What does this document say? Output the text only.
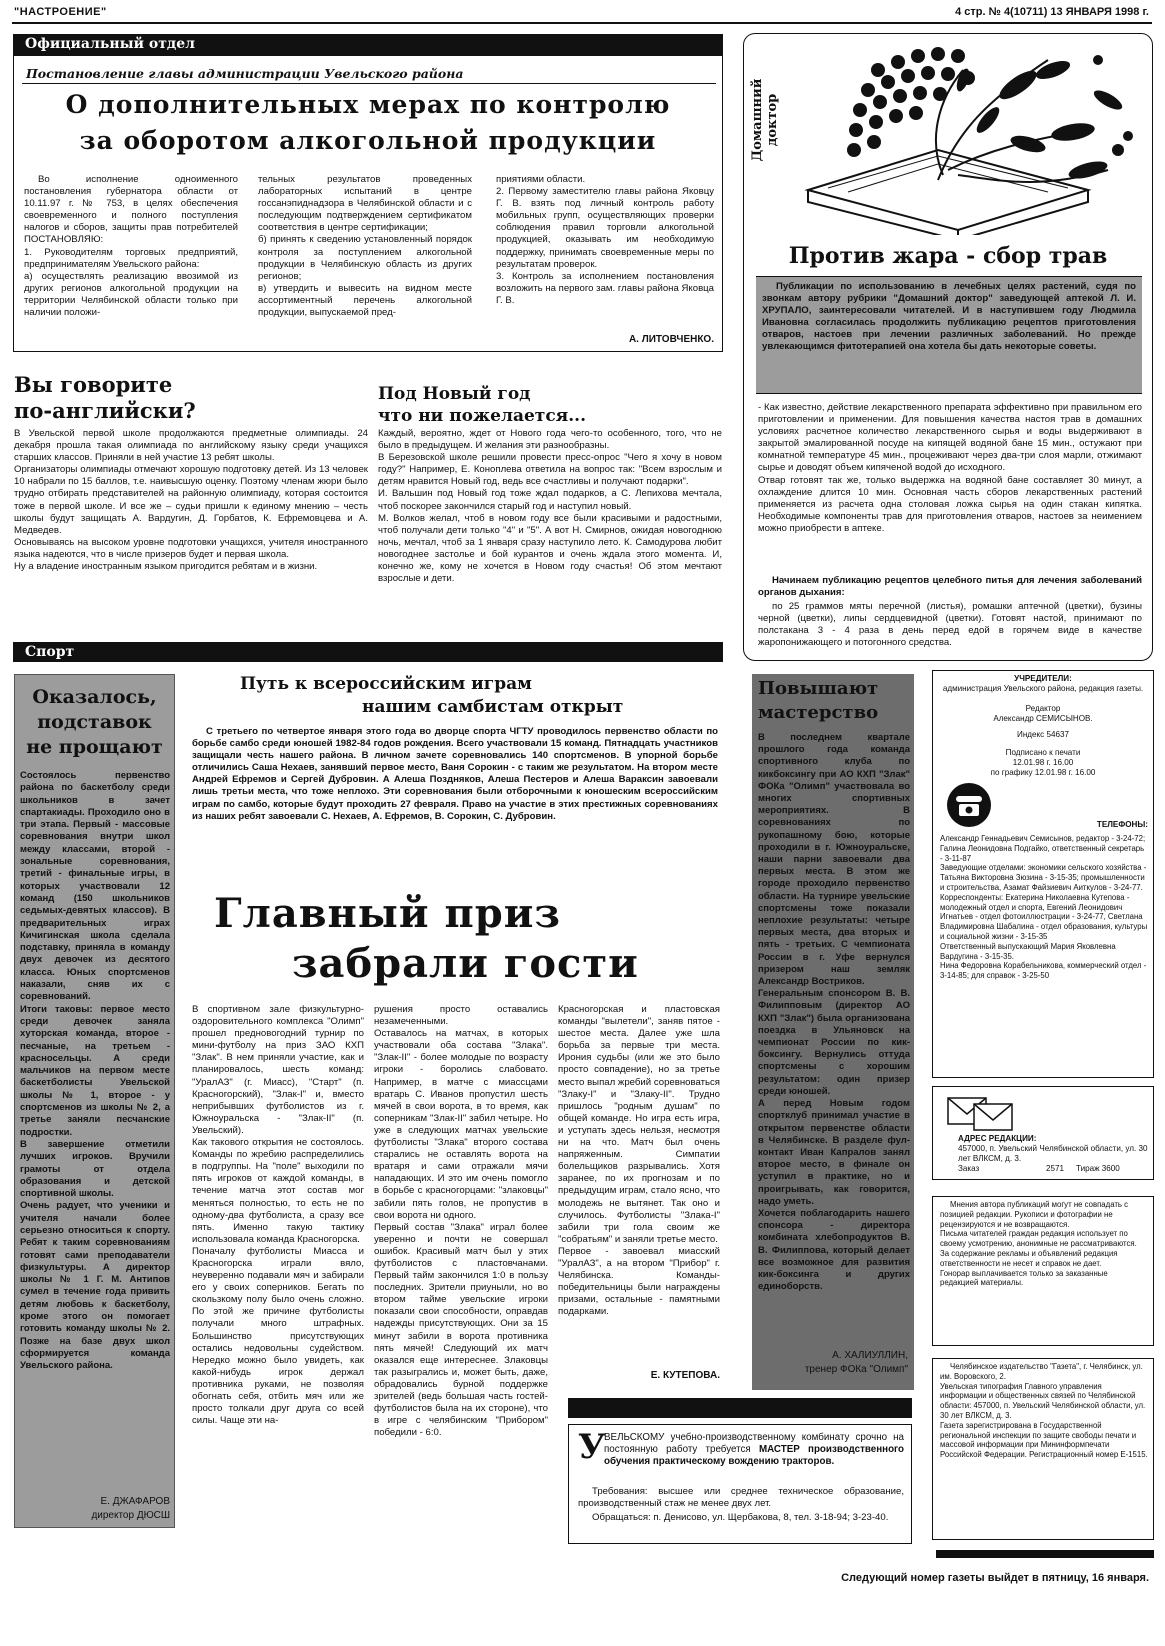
"НАСТРОЕНИЕ"	4 стр. № 4(10711) 13 ЯНВАРЯ 1998 г.
Официальный отдел
Постановление главы администрации Увельского района
О дополнительных мерах по контролю
за оборотом алкогольной продукции
Во исполнение одноименного постановления губернатора области от 10.11.97 г. № 753, в целях обеспечения своевременного и полного поступления налогов и сборов, защиты прав потребителей ПОСТАНОВЛЯЮ:
1. Руководителям торговых предприятий, предпринимателям Увельского района:
а) осуществлять реализацию ввозимой из других регионов алкогольной продукции на территории Челябинской области только при наличии положи-
тельных результатов проведенных лабораторных испытаний в центре госсанэпиднадзора в Челябинской области и с последующим подтверждением сертификатом соответствия в центре сертификации;
б) принять к сведению установленный порядок контроля за поступлением алкогольной продукции в Челябинскую область из других регионов;
в) утвердить и вывесить на видном месте ассортиментный перечень алкогольной продукции, выпускаемой пред-
приятиями области.
2. Первому заместителю главы района Яковцу Г. В. взять под личный контроль работу мобильных групп, осуществляющих проверки соблюдения правил торговли алкогольной продукцией, оказывать им необходимую поддержку, принимать своевременные меры по результатам проверок.
3. Контроль за исполнением постановления возложить на первого зам. главы района Яковца Г. В.
А. ЛИТОВЧЕНКО.
Вы говорите
по-английски?
В Увельской первой школе продолжаются предметные олимпиады. 24 декабря прошла такая олимпиада по английскому языку среди учащихся старших классов. Приняли в ней участие 13 ребят школы.
Организаторы олимпиады отмечают хорошую подготовку детей. Из 13 человек 10 набрали по 15 баллов, т.е. наивысшую оценку. Поэтому членам жюри было трудно отбирать представителей на районную олимпиаду, которая состоится тоже в первой школе. И все же – судьи пришли к единому мнению – честь школы будут защищать А. Вардугин, Д. Горбатов, К. Ефремовцева и А. Медведев.
Основываясь на высоком уровне подготовки учащихся, учителя иностранного языка надеются, что в числе призеров будет и первая школа.
Ну а владение иностранным языком пригодится ребятам и в жизни.
Под Новый год
что ни пожелается...
Каждый, вероятно, ждет от Нового года чего-то особенного, того, что не было в предыдущем. И желания эти разнообразны.
В Березовской школе решили провести пресс-опрос "Чего я хочу в новом году?" Например, Е. Коноплева ответила на вопрос так: "Всем взрослым и детям нравится Новый год, ведь все счастливы и получают подарки".
И. Вальшин под Новый год тоже ждал подарков, а С. Лепихова мечтала, чтоб поскорее закончился старый год и наступил новый.
М. Волков желал, чтоб в новом году все были красивыми и радостными, чтоб получали дети только "4" и "5". А вот Н. Смирнов, ожидая новогоднюю ночь, мечтал, чтоб за 1 января сразу наступило лето. К. Самодурова любит новогоднее застолье и бой курантов и очень ждала этого момента. И, конечно же, кому не хочется в Новом году счастья! Об этом мечтают взрослые и дети.
Домашний доктор
Против жара - сбор трав
Публикации по использованию в лечебных целях растений, судя по звонкам автору рубрики "Домашний доктор" заведующей аптекой Л. И. ХРУПАЛО, заинтересовали читателей. И в наступившем году Людмила Ивановна согласилась продолжить публикацию рецептов приготовления отваров, настоев при лечении различных заболеваний. Но прежде увлекающимся фитотерапией она хотела бы дать некоторые советы.
- Как известно, действие лекарственного препарата эффективно при правильном его приготовлении и применении. Для повышения качества настоя трав в домашних условиях расчетное количество лекарственного сырья и воды выдерживают в закрытой эмалированной посуде на кипящей водяной бане 15 мин., остужают при комнатной температуре 45 мин., процеживают через два-три слоя марли, отжимают сырье и доводят объем кипяченой водой до исходного.
Отвар готовят так же, только выдержка на водяной бане составляет 30 минут, а охлаждение длится 10 мин. Основная часть сборов лекарственных растений применяется из расчета одна столовая ложка сырья на один стакан кипятка. Необходимые компоненты трав для приготовления отваров, настоев за неимением можно приобрести в аптеке.
Начинаем публикацию рецептов целебного питья для лечения заболеваний органов дыхания:
по 25 граммов мяты перечной (листья), ромашки аптечной (цветки), бузины черной (цветки), липы сердцевидной (цветки). Готовят настой, принимают по полстакана 3 - 4 раза в день перед едой в горячем виде в качестве жаропонижающего и потогонного средства.
Спорт
Оказалось,
подставок
не прощают
Состоялось первенство района по баскетболу среди школьников в зачет спартакиады. Проходило оно в три этапа. Первый - массовые соревнования внутри школ между классами, второй - зональные соревнования, третий - финальные игры, в которых участвовали 12 команд (150 школьников седьмых-девятых классов). В предварительных играх Кичигинская школа сделала подставку, приняла в команду двух девочек из десятого класса. Юных спортсменов наказали, сняв их с соревнований.
Итоги таковы: первое место среди девочек заняла хуторская команда, второе - песчаные, на третьем - красносельцы. А среди мальчиков на первом месте баскетболисты Увельской школы № 1, второе - у спортсменов из школы № 2, а третье заняли песчанские подростки.
В завершение отметили лучших игроков. Вручили грамоты от отдела образования и детской спортивной школы.
Очень радует, что ученики и учителя начали более серьезно относиться к спорту. Ребят к таким соревнованиям готовят сами преподаватели физкультуры. А директор школы № 1 Г. М. Антипов сумел в течение года привить детям любовь к баскетболу, кроме этого он помогает готовить команду школы № 2. Позже на базе двух школ сформируется команда Увельского района.
Е. ДЖАФАРОВ
директор ДЮСШ
Путь к всероссийским играм
нашим самбистам открыт
С третьего по четвертое января этого года во дворце спорта ЧГТУ проводилось первенство области по борьбе самбо среди юношей 1982-84 годов рождения. Всего участвовали 15 команд. Пятнадцать участников защищали честь нашего района. В личном зачете соревновались 140 спортсменов. В упорной борьбе отличились Саша Нехаев, занявший первое место, Ваня Сорокин - с таким же результатом. На втором месте Андрей Ефремов и Сергей Дубровин. А Алеша Поздняков, Алеша Пестеров и Алеша Вараксин завоевали лишь третьи места, что тоже неплохо. Эти соревнования были отборочными к юношеским всероссийским играм по самбо, которые будут проходить 27 февраля. Право на участие в этих престижных соревнованиях из наших ребят завоевали С. Нехаев, А. Ефремов, В. Сорокин, С. Дубровин.
Главный приз
забрали гости
В спортивном зале физкультурно-оздоровительного комплекса "Олимп" прошел предновогодний турнир по мини-футболу на приз ЗАО КХП "Злак". В нем приняли участие, как и планировалось, шесть команд: "УралАЗ" (г. Миасс), "Старт" (п. Красногорский), "Злак-I" и, вместо неприбывших футболистов из г. Южноуральска - "Злак-II" (п. Увельский).
Как такового открытия не состоялось. Команды по жребию распределились в подгруппы. На "поле" выходили по пять игроков от каждой команды, в течение матча этот состав мог меняться полностью, то есть не по одному-два футболиста, а сразу все пять. Именно такую тактику использовала команда Красногорска.
Поначалу футболисты Миасса и Красногорска играли вяло, неуверенно подавали мяч и забирали его у своих соперников. Бегать по скользкому полу было очень сложно. По этой же причине футболисты получали много штрафных. Большинство присутствующих остались недовольны судейством. Нередко можно было увидеть, как какой-нибудь игрок держал противника руками, не позволяя обогнать себя, отбить мяч или же просто толкали друг друга со всей силы. Чаще эти на-
рушения просто оставались незамеченными.
Оставалось на матчах, в которых участвовали оба состава "Злака". "Злак-II" - более молодые по возрасту игроки - боролись слабовато. Например, в матче с миассцами вратарь С. Иванов пропустил шесть мячей в свои ворота, в то время, как соперникам "Злак-II" забил четыре. Но уже в следующих матчах увельские футболисты "Злака" второго состава старались не оставлять ворота на вратаря и сами отражали мячи нападающих. И это им очень помогло в борьбе с красногорцами: "злаковцы" забили пять голов, не пропустив в свои ворота ни одного.
Первый состав "Злака" играл более уверенно и почти не совершал ошибок. Красивый матч был у этих футболистов с пластовчанами. Первый тайм закончился 1:0 в пользу последних. Зрители приуныли, но во втором тайме увельские игроки показали свои способности, оправдав надежды присутствующих. Они за 15 минут забили в ворота противника пять мячей! Следующий их матч оказался еще интереснее. Злаковцы так разыгрались и, может быть, даже, обрадовались бурной поддержке зрителей (ведь большая часть гостей-футболистов была на их стороне), что в игре с челябинским "Прибором" победили - 6:0.
Красногорская и пластовская команды "вылетели", заняв пятое - шестое места. Далее уже шла борьба за первые три места. Ирония судьбы (или же это было просто совпадение), но за третье место выпал жребий соревноваться "Злаку-I" и "Злаку-II". Трудно пришлось "родным душам" по общей команде. Но игра есть игра, и уступать здесь нельзя, несмотря ни на что. Матч был очень напряженным. Симпатии болельщиков разрывались. Хотя заранее, по их прогнозам и по предыдущим играм, стало ясно, что молодежь не вытянет. Так оно и случилось. Футболисты "Злака-I" забили три гола своим же "собратьям" и заняли третье место.
Первое - завоевал миасский "УралАЗ", а на втором "Прибор" г. Челябинска. Команды-победительницы были награждены призами, остальные - памятными подарками.
Е. КУТЕПОВА.
У
ВЕЛЬСКОМУ учебно-производственному комбинату срочно на постоянную работу требуется МАСТЕР производственного обучения практическому вождению тракторов.
Требования: высшее или среднее техническое образование, производственный стаж не менее двух лет.
Обращаться: п. Денисово, ул. Щербакова, 8, тел. 3-18-94; 3-23-40.
Повышают
мастерство
В последнем квартале прошлого года команда спортивного клуба по кикбоксингу при АО КХП "Злак" ФОКа "Олимп" участвовала во многих спортивных мероприятиях. В соревнованиях по рукопашному бою, которые проходили в г. Южноуральске, наши парни завоевали два первых места. В этом же городе проходило первенство области. На турнире увельские спортсмены тоже показали неплохие результаты: четыре первых места, два вторых и пять - третьих. С чемпионата России в г. Уфе вернулся призером наш земляк Александр Востриков.
Генеральным спонсором В. В. Филипповым (директор АО КХП "Злак") была организована поездка в Ульяновск на чемпионат России по кик-боксингу. Вернулись оттуда спортсмены с хорошим результатом: один призер среди юношей.
А перед Новым годом спортклуб принимал участие в открытом первенстве области в Челябинске. В разделе фул-контакт Иван Капралов занял второе место, в финале он уступил в практике, но и проигрывать, как говорится, надо уметь.
Хочется поблагодарить нашего спонсора - директора комбината хлебопродуктов В. В. Филиппова, который делает все возможное для развития кик-боксинга и других единоборств.
А. ХАЛИУЛЛИН,
тренер ФОКа "Олимп"
УЧРЕДИТЕЛИ:
администрация Увельского района, редакция газеты.
Редактор
Александр СЕМИСЫНОВ.
Индекс 54637
Подписано к печати
12.01.98 г. 16.00
по графику 12.01.98 г. 16.00
ТЕЛЕФОНЫ:
Александр Геннадьевич Семисынов, редактор - 3-24-72; Галина Леонидовна Подгайко, ответственный секретарь - 3-11-87
Заведующие отделами: экономики сельского хозяйства - Татьяна Викторовна Зюзина - 3-15-35; промышленности и строительства, Азамат Файзиевич Аиткулов - 3-24-77.
Корреспонденты: Екатерина Николаевна Кутепова - молодежный отдел и спорта, Евгений Леонидович Игнатьев - отдел фотоиллюстрации - 3-24-77, Светлана Владимировна Шабалина - отдел образования, культуры и социальной жизни - 3-15-35
Ответственный выпускающий Мария Яковлевна Вардугина - 3-15-35.
Нина Федоровна Корабельникова, коммерческий отдел - 3-14-85; для справок - 3-25-50
АДРЕС РЕДАКЦИИ:
457000, п. Увельский Челябинской области, ул. 30 лет ВЛКСМ, д. 3.
Заказ	2571 Тираж 3600
Мнения автора публикаций могут не совпадать с позицией редакции. Рукописи и фотографии не рецензируются и не возвращаются.
Письма читателей граждан редакция использует по своему усмотрению, анонимные не рассматриваются.
За содержание рекламы и объявлений редакция ответственности не несет и справок не дает.
Гонорар выплачивается только за заказанные редакцией материалы.
Челябинское издательство "Газета", г. Челябинск, ул. им. Воровского, 2.
Увельская типография Главного управления информации и общественных связей по Челябинской области: 457000, п. Увельский Челябинской области, ул. 30 лет ВЛКСМ, д. 3.
Газета зарегистрирована в Государственной региональной инспекции по защите свободы печати и массовой информации при Мининформпечати Российской Федерации. Регистрационный номер Е-1515.
Следующий номер газеты выйдет в пятницу, 16 января.
